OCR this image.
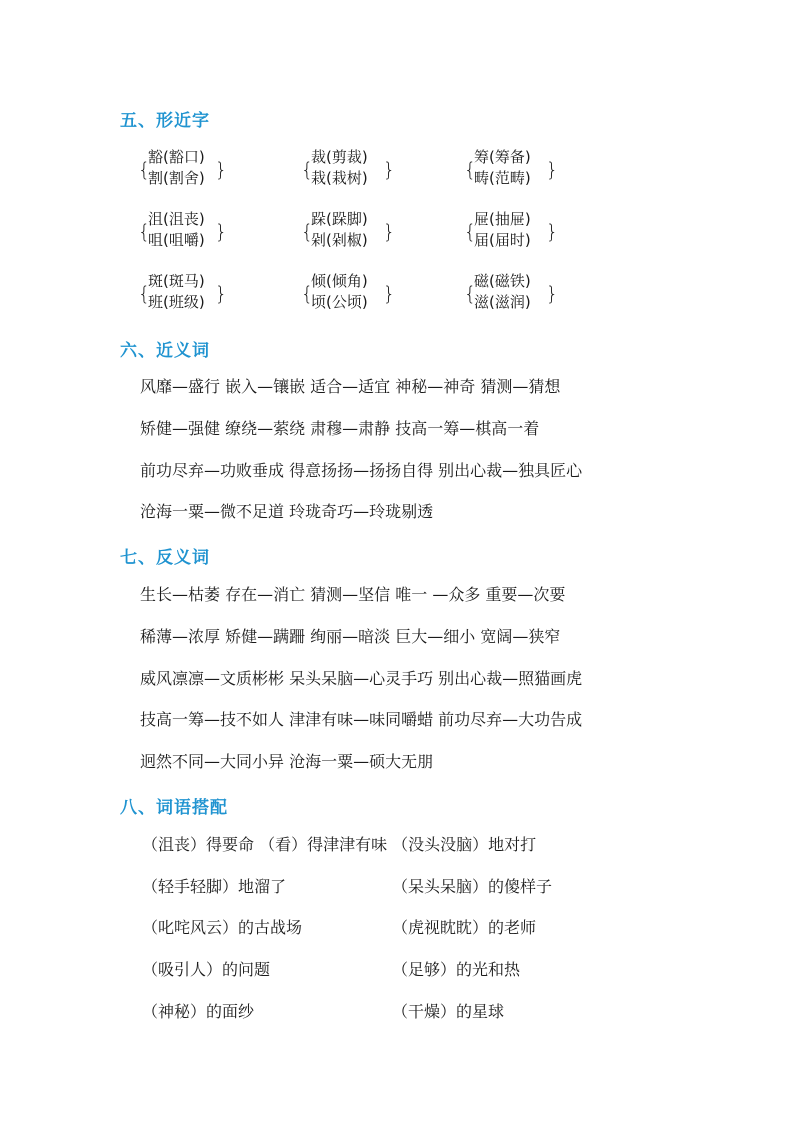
五、形近字
{
豁(豁口)
割(割舍) }	{
裁(剪裁)
栽(栽树) }	{
筹(筹备)
畴(范畴) }
{
沮(沮丧)
咀(咀嚼) }	{
跺(跺脚)
剁(剁椒) }	{
屉(抽屉)
届(届时) }
{
斑(斑马)
班(班级) }	{
倾(倾角)
顷(公顷) }	{
磁(磁铁)
滋(滋润) }
六、近义词
风靡—盛行 嵌入—镶嵌 适合—适宜 神秘—神奇 猜测—猜想
矫健—强健 缭绕—萦绕 肃穆—肃静 技高一筹—棋高一着
前功尽弃—功败垂成 得意扬扬—扬扬自得 别出心裁—独具匠心
沧海一粟—微不足道 玲珑奇巧—玲珑剔透
七、反义词
生长—枯萎 存在—消亡 猜测—坚信 唯一 —众多 重要—次要
稀薄—浓厚 矫健—蹒跚 绚丽—暗淡 巨大—细小 宽阔—狭窄
威风凛凛—文质彬彬 呆头呆脑—心灵手巧 别出心裁—照猫画虎
技高一筹—技不如人 津津有味—味同嚼蜡 前功尽弃—大功告成
迥然不同—大同小异 沧海一粟—硕大无朋
八、词语搭配
（沮丧）得要命 （看）得津津有味 （没头没脑）地对打
（轻手轻脚）地溜了	（呆头呆脑）的傻样子
（叱咤风云）的古战场	（虎视眈眈）的老师
（吸引人）的问题	（足够）的光和热
（神秘）的面纱	（干燥）的星球
